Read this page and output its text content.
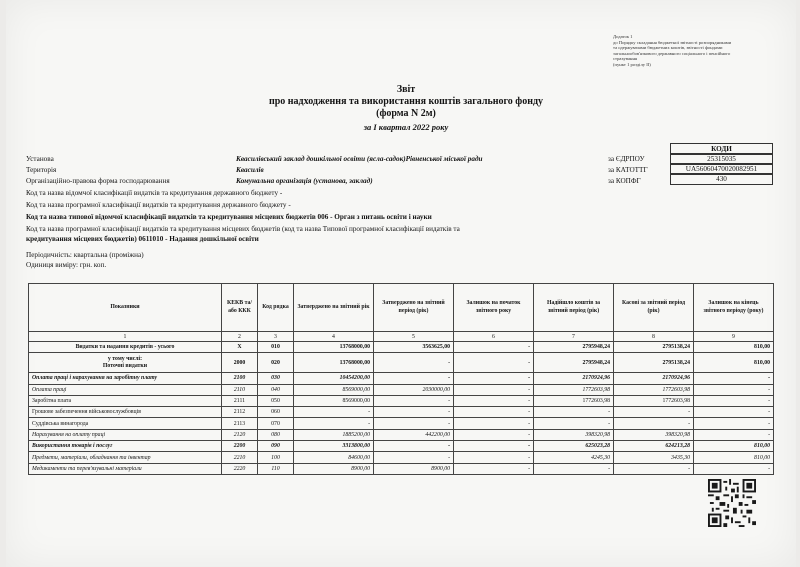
Додаток 1
до Порядку складання бюджетної звітності розпорядниками
та одержувачами бюджетних коштів, звітності фондами
загальнообов'язкового державного соціального і пенсійного
страхування
(пункт 1 розділу II)
Звіт
про надходження та використання коштів загального фонду
(форма N 2м)
за I квартал 2022 року
КОДИ
25315035
UA56060470020082951
430
Установа	Квасилівський заклад дошкільної освіти (ясла-садок)Рівненської міської ради	за ЄДРПОУ
Територія	Квасилів	за КАТОТТГ
Організаційно-правова форма господарювання	Комунальна організація (установа, заклад)	за КОПФГ
Код та назва відомчої класифікації видатків та кредитування державного бюджету -
Код та назва програмної класифікації видатків та кредитування державного бюджету -
Код та назва типової відомчої класифікації видатків та кредитування місцевих бюджетів 006 - Орган з питань освіти і науки
Код та назва програмної класифікації видатків та кредитування місцевих бюджетів (код та назва Типової програмної класифікації видатків та
кредитування місцевих бюджетів) 0611010 - Надання дошкільної освіти
Періодичність: квартальна (проміжна)
Одиниця виміру: грн. коп.
Показники	КЕКВ та/або ККК	Код рядка	Затверджено на звітний рік	Затверджено на звітний період (рік)	Залишок на початок звітного року	Надійшло коштів за звітний період (рік)	Касові за звітний період (рік)	Залишок на кінець звітного періоду (року)
1	2	3	4	5	6	7	8	9
Видатки та надання кредитів - усього	X	010	13768000,00	3563625,00	-	2795948,24	2795138,24	810,00

у тому числі:
Поточні видатки	2000	020	13768000,00	-	-	2795948,24	2795138,24	810,00
Оплата праці і нарахування на заробітну плату	2100	030	10454200,00	-	-	2170924,96	2170924,96	-
Оплата праці	2110	040	8569000,00	2030000,00	-	1772603,98	1772603,98	-
Заробітна плата	2111	050	8569000,00	-	-	1772603,98	1772603,98	-
Грошове забезпечення військовослужбовців	2112	060	-	-	-	-	-	-
Суддівська винагорода	2113	070	-	-	-	-	-	-
Нарахування на оплату праці	2120	080	1885200,00	442200,00	-	398320,98	398320,98	-
Використання товарів і послуг	2200	090	3313800,00	-	-	625023,28	624213,28	810,00
Предмети, матеріали, обладнання та інвентар	2210	100	84600,00	-	-	4245,30	3435,30	810,00
Медикаменти та перев'язувальні матеріали	2220	110	8900,00	8900,00	-	-	-	-
